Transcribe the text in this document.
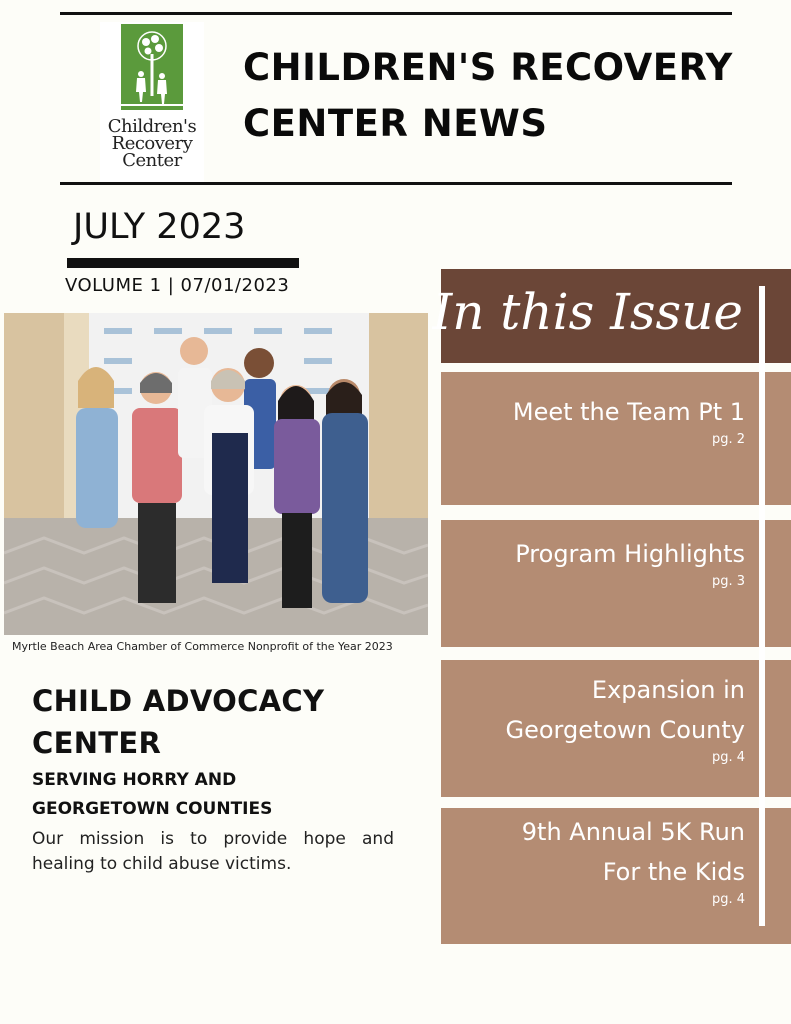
Children's
Recovery
Center
CHILDREN'S RECOVERY
CENTER NEWS
JULY 2023
VOLUME 1 | 07/01/2023
Myrtle Beach Area Chamber of Commerce Nonprofit of the Year 2023
CHILD ADVOCACY
CENTER
SERVING HORRY AND
GEORGETOWN COUNTIES
Our mission is to provide hope and healing to child abuse victims.
In this Issue
Meet the Team Pt 1
pg. 2
Program Highlights
pg. 3
Expansion in
Georgetown County
pg. 4
9th Annual 5K Run
For the Kids
pg. 4
